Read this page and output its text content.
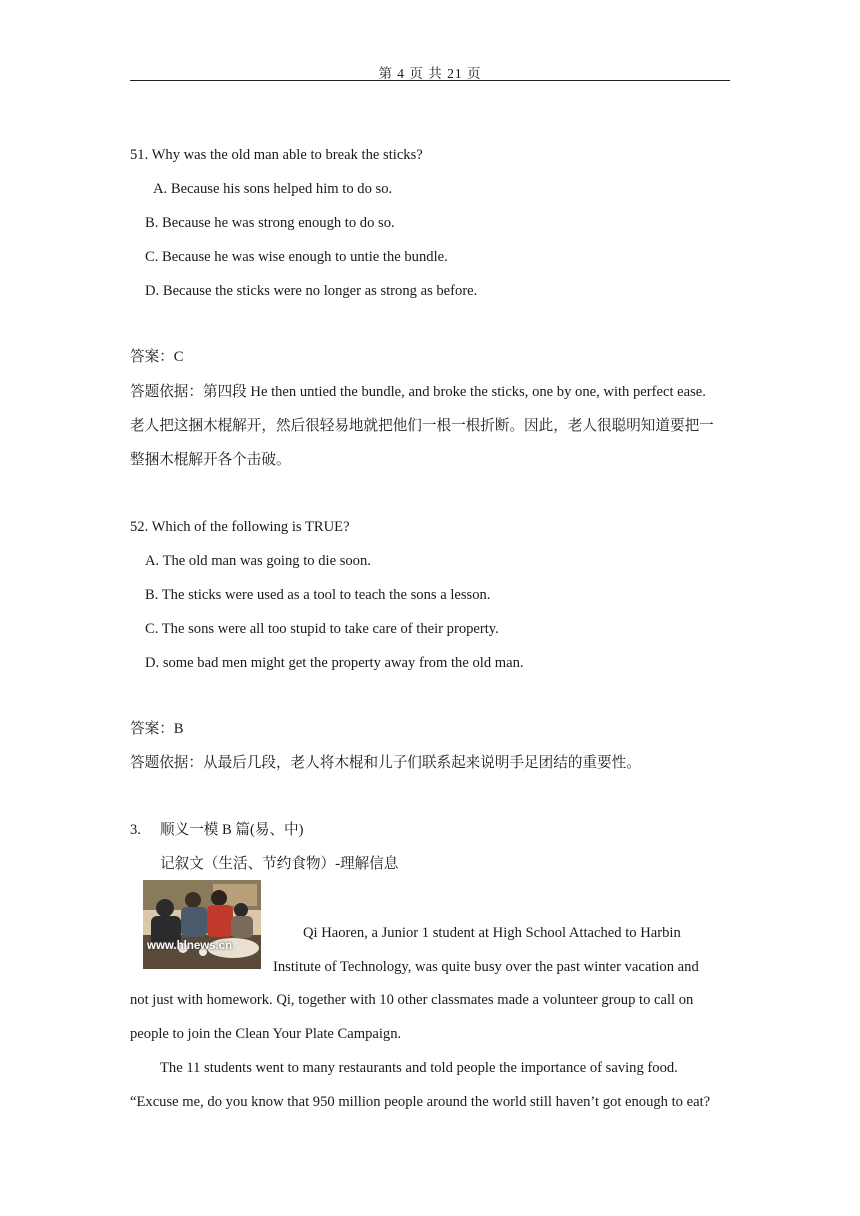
第 4 页 共 21 页
51. Why was the old man able to break the sticks?
A. Because his sons helped him to do so.
B. Because he was strong enough to do so.
C. Because he was wise enough to untie the bundle.
D. Because the sticks were no longer as strong as before.
答案：C
答题依据：第四段 He then untied the bundle, and broke the sticks, one by one, with perfect ease.
老人把这捆木棍解开，然后很轻易地就把他们一根一根折断。因此，老人很聪明知道要把一
整捆木棍解开各个击破。
52. Which of the following is TRUE?
A. The old man was going to die soon.
B. The sticks were used as a tool to teach the sons a lesson.
C. The sons were all too stupid to take care of their property.
D. some bad men might get the property away from the old man.
答案：B
答题依据：从最后几段，老人将木棍和儿子们联系起来说明手足团结的重要性。
3. 顺义一模 B 篇(易、中)
记叙文（生活、节约食物）-理解信息
www.hlnews.cn
Qi Haoren, a Junior 1 student at High School Attached to Harbin
Institute of Technology, was quite busy over the past winter vacation and
not just with homework. Qi, together with 10 other classmates made a volunteer group to call on
people to join the Clean Your Plate Campaign.
The 11 students went to many restaurants and told people the importance of saving food.
“Excuse me, do you know that 950 million people around the world still haven’t got enough to eat?
